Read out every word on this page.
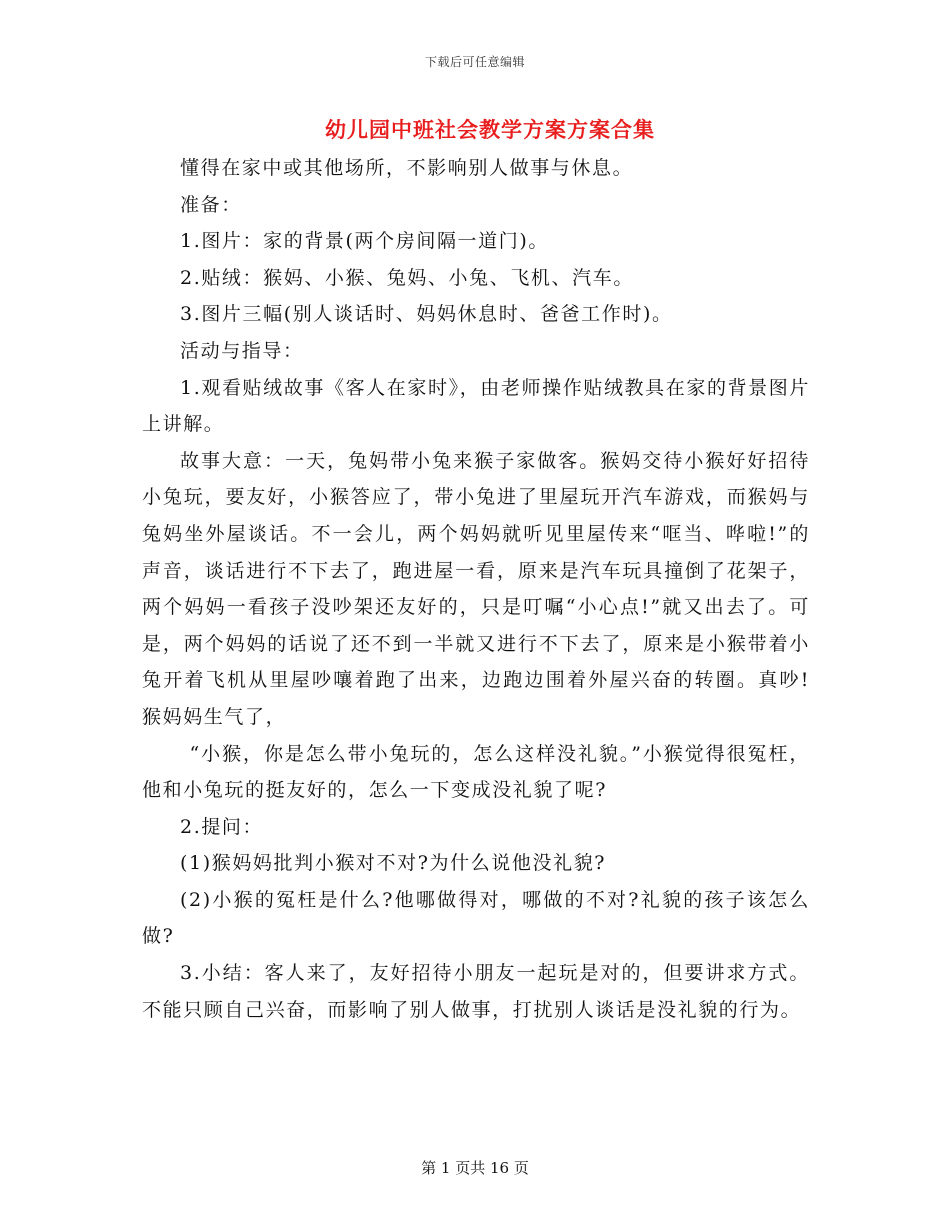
下载后可任意编辑
幼儿园中班社会教学方案方案合集

懂得在家中或其他场所，不影响别人做事与休息。

准备：

1.图片：家的背景(两个房间隔一道门)。

2.贴绒：猴妈、小猴、兔妈、小兔、飞机、汽车。

3.图片三幅(别人谈话时、妈妈休息时、爸爸工作时)。

活动与指导：

1.观看贴绒故事《客人在家时》，由老师操作贴绒教具在家的背景图片上讲解。

故事大意：一天，兔妈带小兔来猴子家做客。猴妈交待小猴好好招待小兔玩，要友好，小猴答应了，带小兔进了里屋玩开汽车游戏，而猴妈与兔妈坐外屋谈话。不一会儿，两个妈妈就听见里屋传来“哐当、哗啦!”的声音，谈话进行不下去了，跑进屋一看，原来是汽车玩具撞倒了花架子，两个妈妈一看孩子没吵架还友好的，只是叮嘱“小心点!”就又出去了。可是，两个妈妈的话说了还不到一半就又进行不下去了，原来是小猴带着小兔开着飞机从里屋吵嚷着跑了出来，边跑边围着外屋兴奋的转圈。真吵!猴妈妈生气了，

“小猴，你是怎么带小兔玩的，怎么这样没礼貌。”小猴觉得很冤枉，他和小兔玩的挺友好的，怎么一下变成没礼貌了呢?

2.提问：

(1)猴妈妈批判小猴对不对?为什么说他没礼貌?

(2)小猴的冤枉是什么?他哪做得对，哪做的不对?礼貌的孩子该怎么做?

3.小结：客人来了，友好招待小朋友一起玩是对的，但要讲求方式。不能只顾自己兴奋，而影响了别人做事，打扰别人谈话是没礼貌的行为。

第 1 页共 16 页
